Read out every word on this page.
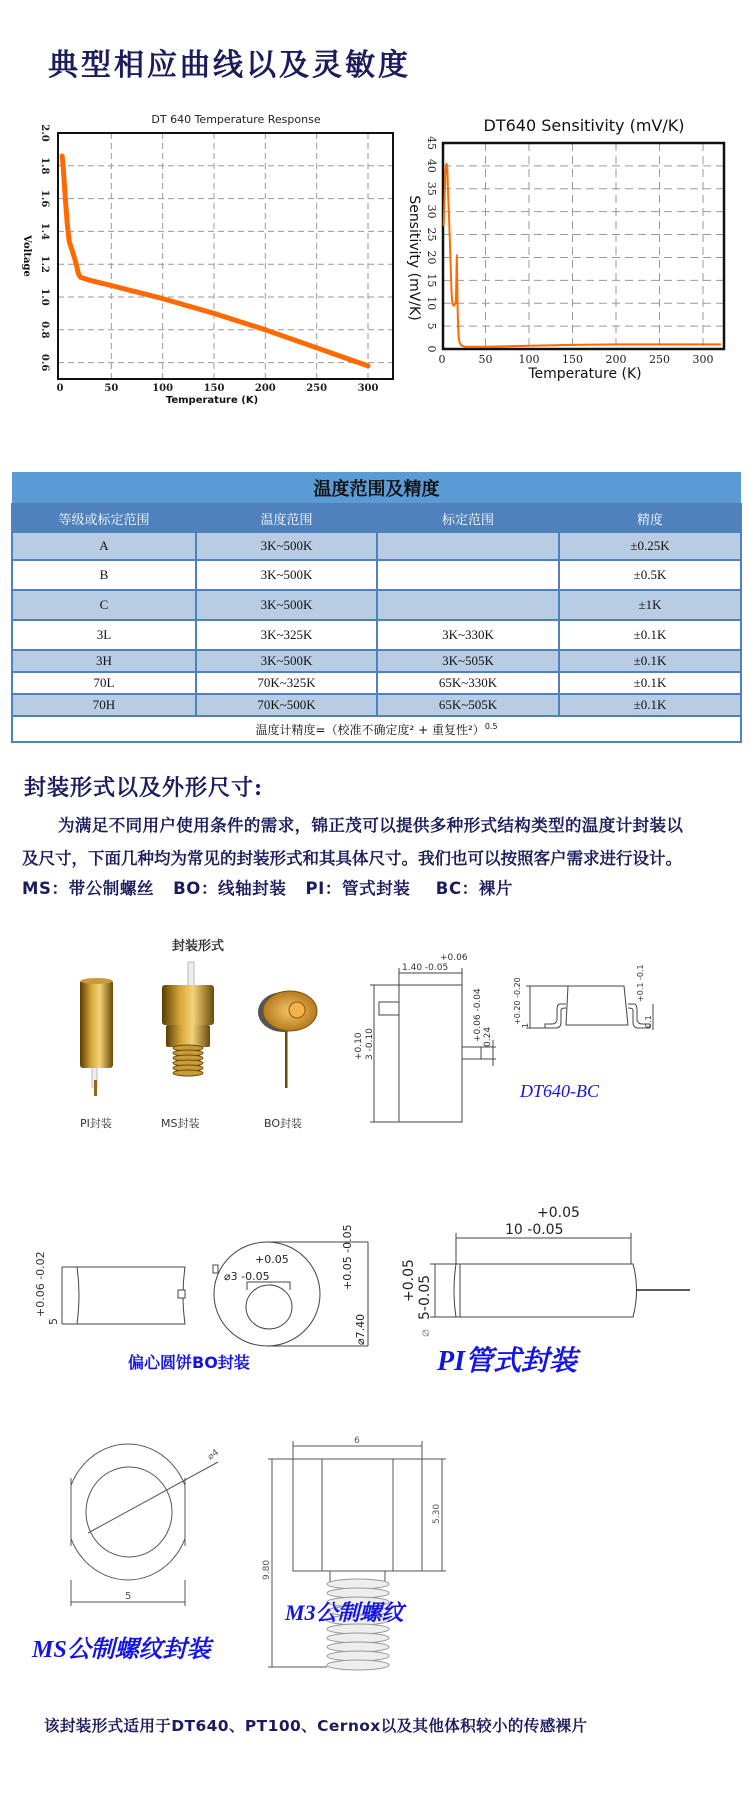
典型相应曲线以及灵敏度
DT 640 Temperature Response
Temperature (K)
Voltage
0	50	100	150	200	250	300
0.6
0.8
1.0
1.2
1.4
1.6
1.8
2.0	DT640 Sensitivity (mV/K)
Temperature (K)
Sensitivity (mV/K)
0	50 100 150 200 250 300
0
5
10
15
20
25
30
35
40
45
温度范围及精度			
等级或标定范围	温度范围	标定范围	精度
A	3K~500K		±0.25K
B	3K~500K		±0.5K
C	3K~500K		±1K
3L	3K~325K	3K~330K	±0.1K
3H	3K~500K	3K~505K	±0.1K
70L	70K~325K	65K~330K	±0.1K
70H	70K~500K	65K~505K	±0.1K
温度计精度=（校准不确定度² + 重复性²）$^{0.5}$
封装形式以及外形尺寸:
为满足不同用户使用条件的需求，锦正茂可以提供多种形式结构类型的温度计封装以
及尺寸，下面几种均为常见的封装形式和其具体尺寸。我们也可以按照客户需求进行设计。
MS：带公制螺丝   BO：线轴封装   PI：管式封装    BC：裸片
封装形式
PI封装	MS封装	BO封装
+0.06
1.40 -0.05
+0.10 3 -0.10
+0.06 -0.04 0.24
+0.20 -0.20
1
+0.1 -0.1
0.1
DT640-BC
+0.06 -0.02
5
+0.05
⌀3 -0.05	+0.05 -0.05
⌀7.40
偏心圆饼BO封装
+0.05
10 -0.05
+0.05 5-0.05
⌀
PI管式封装
⌀4
5
6
5.30
9.80
M3公制螺纹
MS公制螺纹封装
该封装形式适用于DT640、PT100、Cernox以及其他体积较小的传感裸片
